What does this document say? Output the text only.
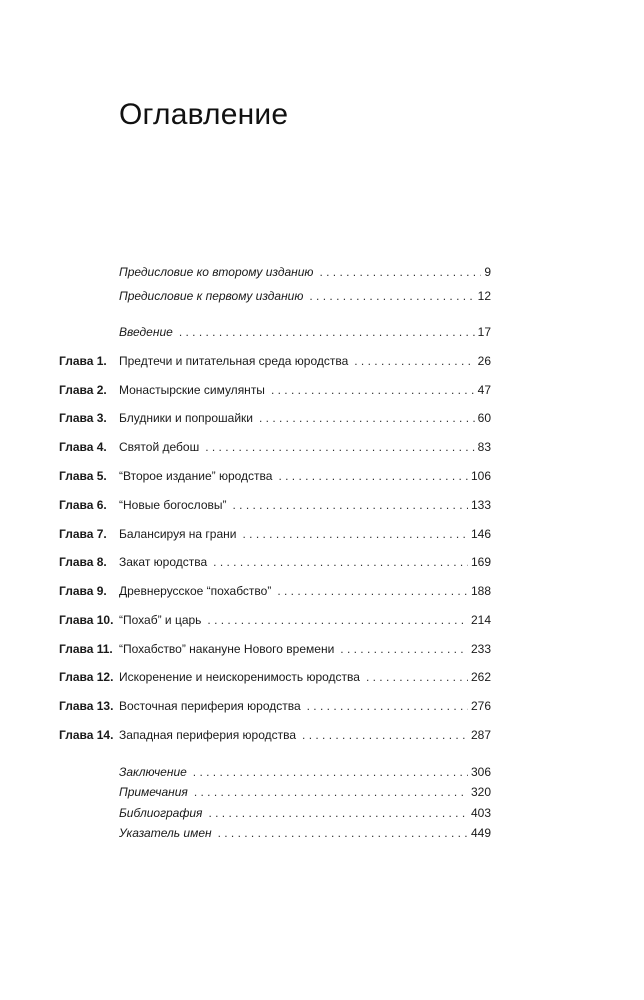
Оглавление
Предисловие ко второму изданию . . .	9
Предисловие к первому изданию . . .	12
Введение . . .	17
Глава 1. Предтечи и питательная среда юродства . . .	26
Глава 2. Монастырские симулянты . . .	47
Глава 3. Блудники и попрошайки . . .	60
Глава 4. Святой дебош . . .	83
Глава 5. “Второе издание” юродства . . .	106
Глава 6. “Новые богословы” . . .	133
Глава 7. Балансируя на грани . . .	146
Глава 8. Закат юродства . . .	169
Глава 9. Древнерусское “похабство” . . .	188
Глава 10. “Похаб” и царь . . .	214
Глава 11. “Похабство” накануне Нового времени . . .	233
Глава 12. Искоренение и неискоренимость юродства . . .	262
Глава 13. Восточная периферия юродства . . .	276
Глава 14. Западная периферия юродства . . .	287
Заключение . . .	306
Примечания . . .	320
Библиография . . .	403
Указатель имен . . .	449
